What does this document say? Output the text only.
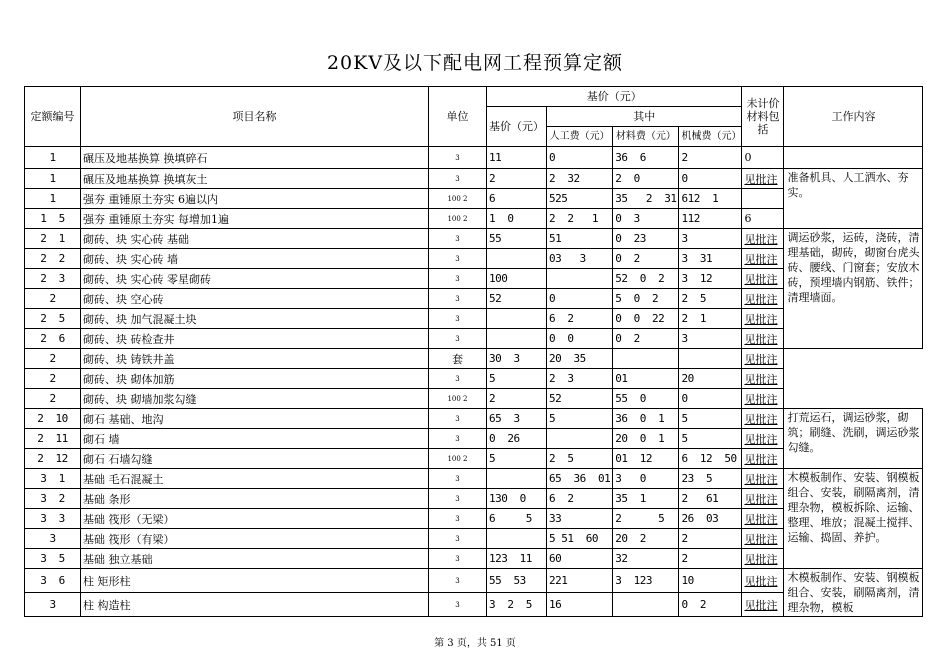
20KV及以下配电网工程预算定额
定额编号	项目名称	单位	基价（元）				未计价材料包括	工作内容
			基价（元）	其中				
				人工费（元）	材料费（元）	机械费（元）		
1	碾压及地基换算 换填碎石	3	11	0	36  6	2	0	
1	碾压及地基换算 换填灰土	3	2	2  32	2  0	0	见批注	准备机具、人工洒水、夯实。
1	强夯 重锤原土夯实 6遍以内	100 2	6	525	35   2  31	612  1		
1  5	强夯 重锤原土夯实 每增加1遍	100 2	1  0	2  2   1	0  3	112	6	
2  1	砌砖、块 实心砖 基础	3	55	51	0  23	3	见批注	调运砂浆，运砖，浇砖，清理基础，砌砖，砌窗台虎头砖、腰线、门窗套；安放木砖，预埋墙内钢筋、铁件；清理墙面。
2  2	砌砖、块 实心砖 墙	3		03   3	0  2	3  31	见批注	
2  3	砌砖、块 实心砖 零星砌砖	3	100		52  0  2	3  12	见批注	
2	砌砖、块 空心砖	3	52	0	5  0  2	2  5	见批注	
2  5	砌砖、块 加气混凝土块	3		6  2	0  0  22	2  1	见批注	
2  6	砌砖、块 砖检查井	3		0  0	0  2	3	见批注	
2	砌砖、块 铸铁井盖	套	30  3	20  35			见批注	
2	砌砖、块 砌体加筋	3	5	2  3	01	20	见批注	
2	砌砖、块 砌墙加浆勾缝	100 2	2	52	55  0	0	见批注	
2  10	砌石 基础、地沟	3	65  3	5	36  0  1	5	见批注	打荒运石，调运砂浆，砌筑；刷缝、洗刷，调运砂浆勾缝。
2  11	砌石 墙	3	0  26		20  0  1	5	见批注	
2  12	砌石 石墙勾缝	100 2	5	2  5	01  12	6  12  50	见批注	
3  1	基础 毛石混凝土	3		65  36  01	3   0	23  5	见批注	木模板制作、安装、钢模板组合、安装，刷隔离剂，清理杂物，模板拆除、运输、整理、堆放；混凝土搅拌、运输、捣固、养护。
3  2	基础 条形	3	130  0	6  2	35  1	2   61	见批注	
3  3	基础 筏形（无梁）	3	6     5	33	2      5	26  03	见批注	
3	基础 筏形（有梁）	3		5 51  60	20  2	2	见批注	
3  5	基础 独立基础	3	123  11	60	32	2	见批注	
3  6	柱 矩形柱	3	55  53	221	3  123	10	见批注	木模板制作、安装、钢模板组合、安装，刷隔离剂，清理杂物，模板
3	柱 构造柱	3	3  2  5	16		0  2	见批注	
第 3 页，共 51 页
